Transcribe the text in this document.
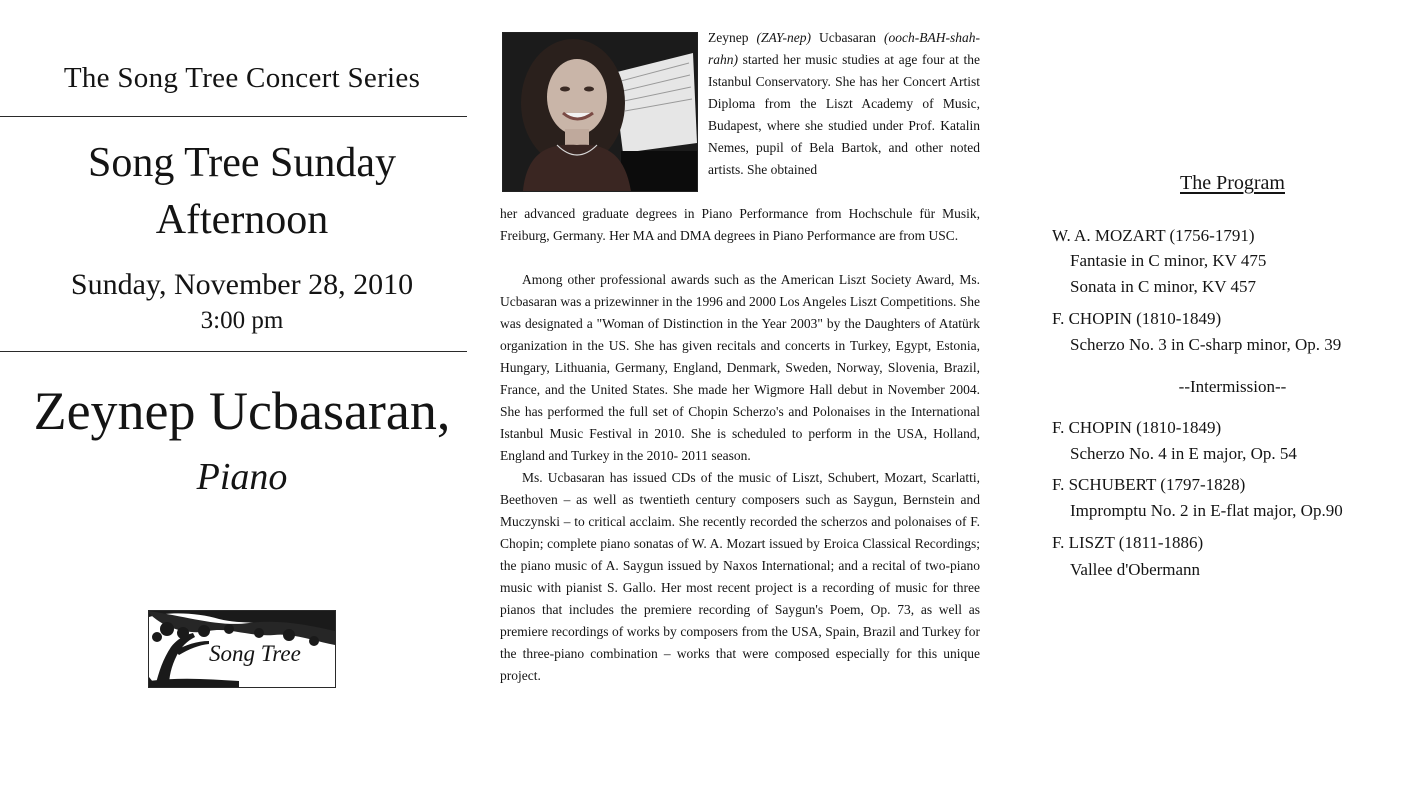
The Song Tree Concert Series
Song Tree Sunday
Afternoon
Sunday, November 28, 2010
3:00 pm
Zeynep Ucbasaran,
Piano
Song Tree

Zeynep (ZAY-nep) Ucbasaran (ooch-BAH-shah-rahn) started her music studies at age four at the Istanbul Conservatory. She has her Concert Artist Diploma from the Liszt Academy of Music, Budapest, where she studied under Prof. Katalin Nemes, pupil of Bela Bartok, and other noted artists. She obtained

her advanced graduate degrees in Piano Performance from Hochschule für Musik, Freiburg, Germany. Her MA and DMA degrees in Piano Performance are from USC.

Among other professional awards such as the American Liszt Society Award, Ms. Ucbasaran was a prizewinner in the 1996 and 2000 Los Angeles Liszt Competitions. She was designated a "Woman of Distinction in the Year 2003" by the Daughters of Atatürk organization in the US. She has given recitals and concerts in Turkey, Egypt, Estonia, Hungary, Lithuania, Germany, England, Denmark, Sweden, Norway, Slovenia, Brazil, France, and the United States. She made her Wigmore Hall debut in November 2004. She has performed the full set of Chopin Scherzo's and Polonaises in the International Istanbul Music Festival in 2010. She is scheduled to perform in the USA, Holland, England and Turkey in the 2010- 2011 season.

Ms. Ucbasaran has issued CDs of the music of Liszt, Schubert, Mozart, Scarlatti, Beethoven – as well as twentieth century composers such as Saygun, Bernstein and Muczynski – to critical acclaim. She recently recorded the scherzos and polonaises of F. Chopin; complete piano sonatas of W. A. Mozart issued by Eroica Classical Recordings; the piano music of A. Saygun issued by Naxos International; and a recital of two-piano music with pianist S. Gallo. Her most recent project is a recording of music for three pianos that includes the premiere recording of Saygun's Poem, Op. 73, as well as premiere recordings of works by composers from the USA, Spain, Brazil and Turkey for the three-piano combination – works that were composed especially for this unique project.

The Program
W. A. MOZART (1756-1791)
Fantasie in C minor, KV 475
Sonata in C minor, KV 457
F. CHOPIN (1810-1849)
Scherzo No. 3 in C-sharp minor, Op. 39
--Intermission--
F. CHOPIN (1810-1849)
Scherzo No. 4 in E major, Op. 54
F. SCHUBERT (1797-1828)
Impromptu No. 2 in E-flat major, Op.90
F. LISZT (1811-1886)
Vallee d'Obermann
